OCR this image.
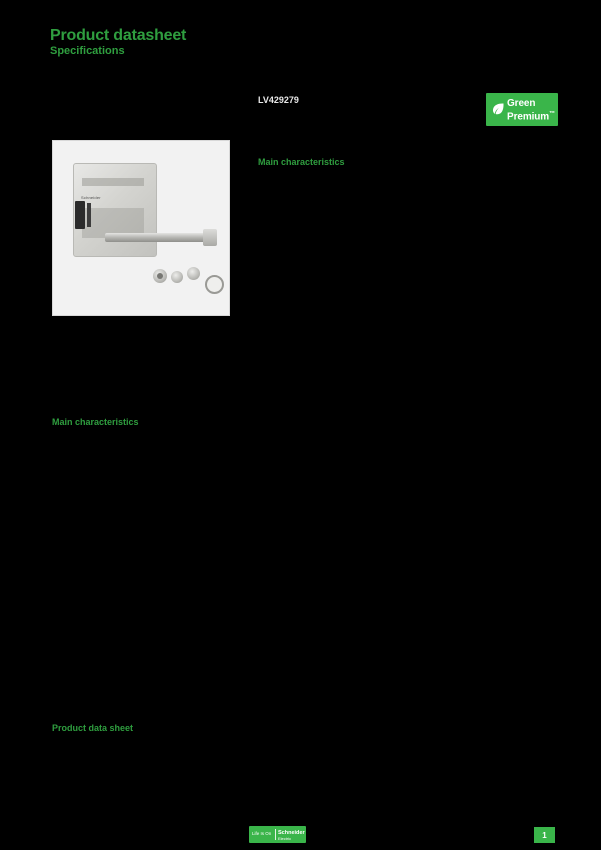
Product datasheet
Specifications
LV429279	Green
Premium™
Schneider
Main characteristics
Main characteristics
Product data sheet
Life Is On Schneider
Electric	1
